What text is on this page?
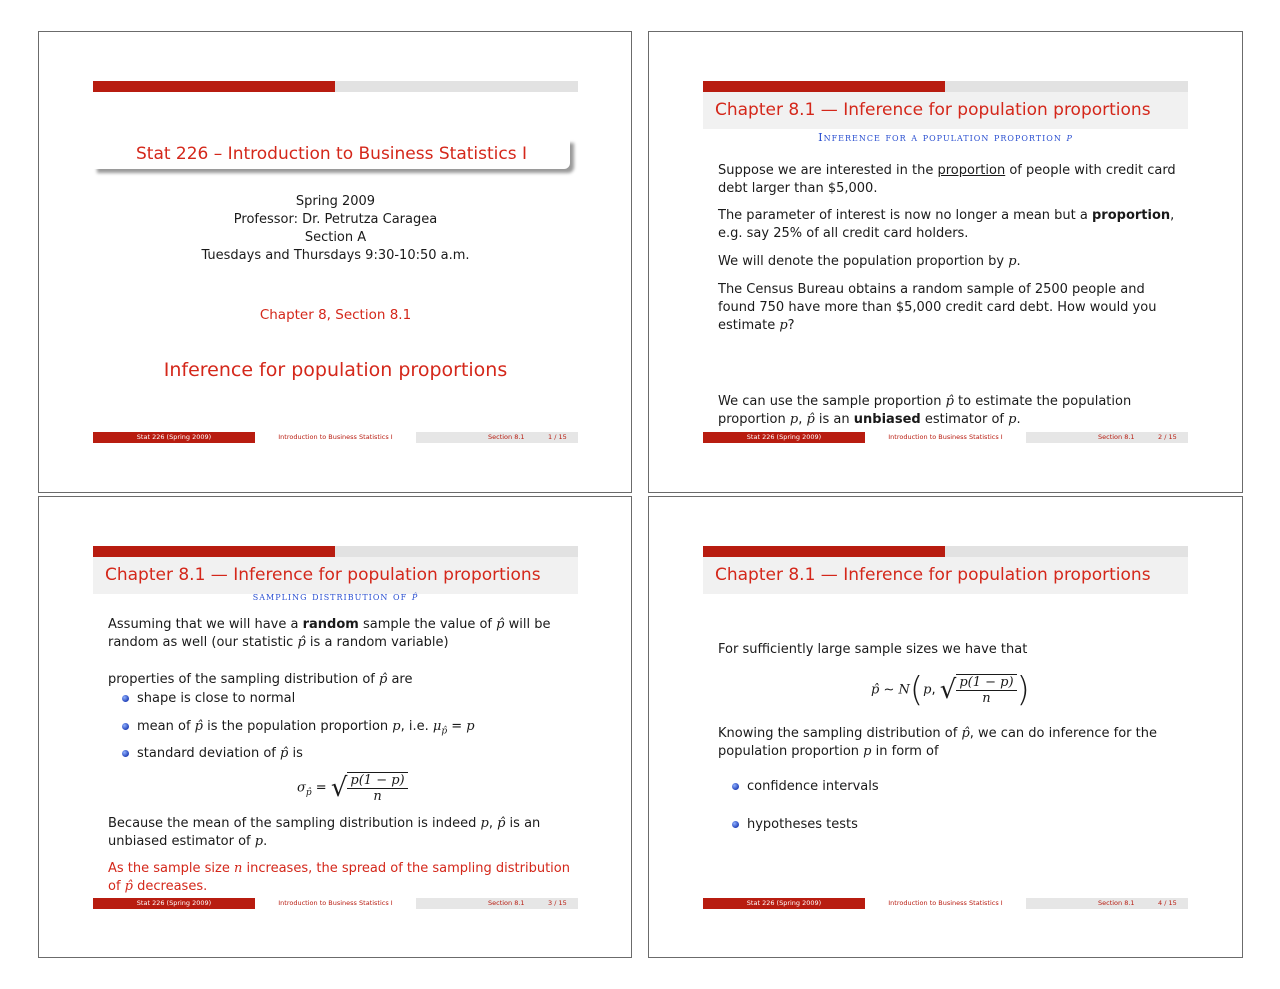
Stat 226 – Introduction to Business Statistics I
Spring 2009
Professor: Dr. Petrutza Caragea
Section A
Tuesdays and Thursdays 9:30-10:50 a.m.
Chapter 8, Section 8.1
Inference for population proportions
Stat 226 (Spring 2009)	Introduction to Business Statistics I	Section 8.1	1 / 15
Chapter 8.1 — Inference for population proportions
Inference for a population proportion p
Suppose we are interested in the proportion of people with credit card debt larger than $5,000.
The parameter of interest is now no longer a mean but a proportion, e.g. say 25% of all credit card holders.
We will denote the population proportion by p.
The Census Bureau obtains a random sample of 2500 people and found 750 have more than $5,000 credit card debt. How would you estimate p?
We can use the sample proportion p̂ to estimate the population proportion p, p̂ is an unbiased estimator of p.
Stat 226 (Spring 2009)	Introduction to Business Statistics I	Section 8.1	2 / 15
Chapter 8.1 — Inference for population proportions
sampling distribution of p̂
Assuming that we will have a random sample the value of p̂ will be random as well (our statistic p̂ is a random variable)
properties of the sampling distribution of p̂ are
shape is close to normal
mean of p̂ is the population proportion p, i.e. $\mu_{p̂} = p$
standard deviation of p̂ is
$\sigma_{p̂}$ = √ $\frac{p(1 - p)}{n}$
Because the mean of the sampling distribution is indeed p, p̂ is an unbiased estimator of p.
As the sample size n increases, the spread of the sampling distribution of p̂ decreases.
Stat 226 (Spring 2009)	Introduction to Business Statistics I	Section 8.1	3 / 15
Chapter 8.1 — Inference for population proportions
For sufficiently large sample sizes we have that
p̂ ∼ N(p, √ $\frac{p(1 - p)}{n}$ )
Knowing the sampling distribution of p̂, we can do inference for the population proportion p in form of
confidence intervals
hypotheses tests
Stat 226 (Spring 2009)	Introduction to Business Statistics I	Section 8.1	4 / 15
